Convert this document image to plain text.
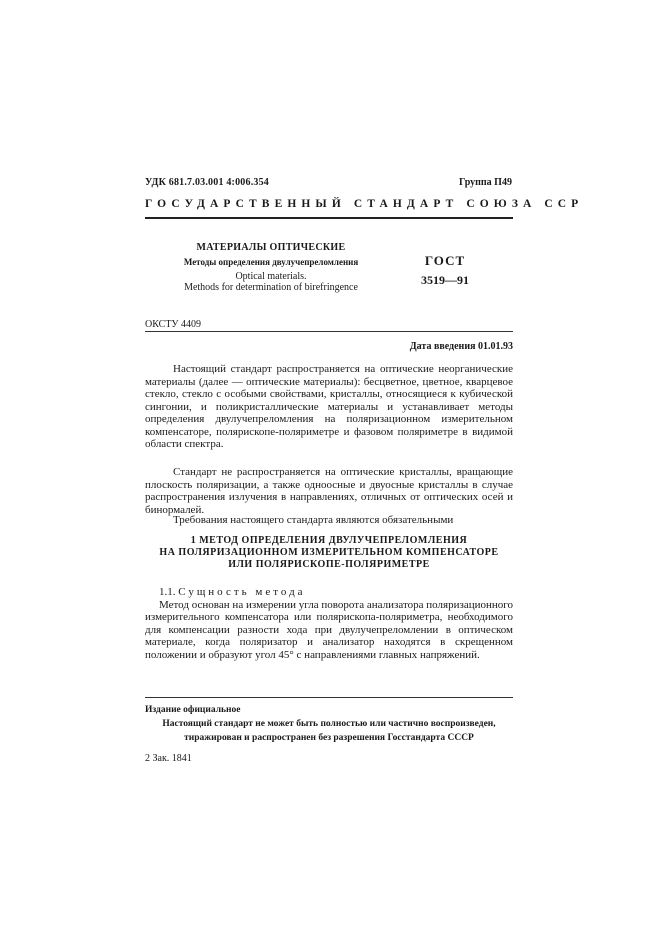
УДК 681.7.03.001 4:006.354	Группа П49
ГОСУДАРСТВЕННЫЙ СТАНДАРТ СОЮЗА ССР
МАТЕРИАЛЫ ОПТИЧЕСКИЕ
Методы определения двулучепреломления
Optical materials.
Methods for determination of birefringence
ГОСТ
3519—91
ОКСТУ 4409
Дата введения 01.01.93
Настоящий стандарт распространяется на оптические неорганические материалы (далее — оптические материалы): бесцветное, цветное, кварцевое стекло, стекло с особыми свойствами, кристаллы, относящиеся к кубической сингонии, и поликристаллические материалы и устанавливает методы определения двулучепреломления на поляризационном измерительном компенсаторе, полярископе-поляриметре и фазовом поляриметре в видимой области спектра.
Стандарт не распространяется на оптические кристаллы, вращающие плоскость поляризации, а также одноосные и двуосные кристаллы в случае распространения излучения в направлениях, отличных от оптических осей и бинормалей.
Требования настоящего стандарта являются обязательными
1 МЕТОД ОПРЕДЕЛЕНИЯ ДВУЛУЧЕПРЕЛОМЛЕНИЯ
НА ПОЛЯРИЗАЦИОННОМ ИЗМЕРИТЕЛЬНОМ КОМПЕНСАТОРЕ
ИЛИ ПОЛЯРИСКОПЕ-ПОЛЯРИМЕТРЕ
1.1. Сущность метода
Метод основан на измерении угла поворота анализатора поляризационного измерительного компенсатора или полярископа-поляриметра, необходимого для компенсации разности хода при двулучепреломлении в оптическом материале, когда поляризатор и анализатор находятся в скрещенном положении и образуют угол 45° с направлениями главных напряжений.
Издание официальное
Настоящий стандарт не может быть полностью или частично воспроизведен,
тиражирован и распространен без разрешения Госстандарта СССР
2 Зак. 1841
